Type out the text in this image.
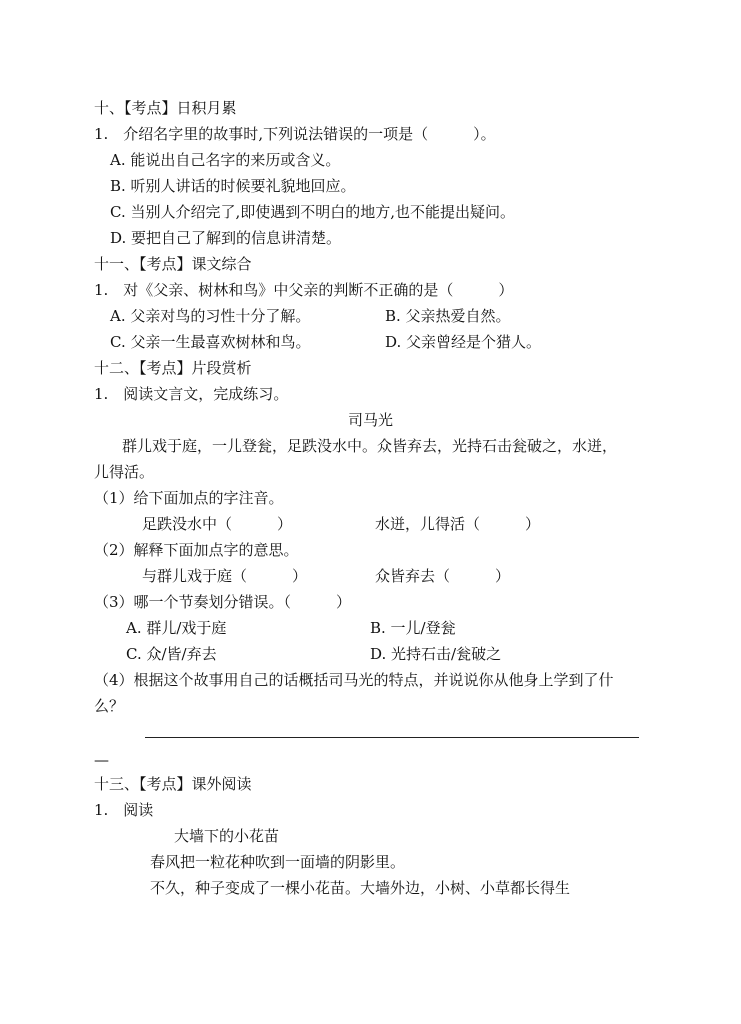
十、【考点】日积月累
1.　介绍名字里的故事时,下列说法错误的一项是（　　　）。
A. 能说出自己名字的来历或含义。
B. 听别人讲话的时候要礼貌地回应。
C. 当别人介绍完了,即使遇到不明白的地方,也不能提出疑问。
D. 要把自己了解到的信息讲清楚。
十一、【考点】课文综合
1.　对《父亲、树林和鸟》中父亲的判断不正确的是（　　　）
A. 父亲对鸟的习性十分了解。	B. 父亲热爱自然。
C. 父亲一生最喜欢树林和鸟。	D. 父亲曾经是个猎人。
十二、【考点】片段赏析
1.　阅读文言文，完成练习。
司马光
群儿戏于庭，一儿登瓮，足跌没水中。众皆弃去，光持石击瓮破之，水迸，
儿得活。
（1）给下面加点的字注音。
足跌没水中（　　　）	水迸，儿得活（　　　）
（2）解释下面加点字的意思。
与群儿戏于庭（　　　）	众皆弃去（　　　）
（3）哪一个节奏划分错误。（　　　）
A. 群儿/戏于庭	B. 一儿/登瓮
C. 众/皆/弃去	D. 光持石击/瓮破之
（4）根据这个故事用自己的话概括司马光的特点，并说说你从他身上学到了什
么？
—
十三、【考点】课外阅读
1.　阅读
大墙下的小花苗
春风把一粒花种吹到一面墙的阴影里。
不久，种子变成了一棵小花苗。大墙外边，小树、小草都长得生
